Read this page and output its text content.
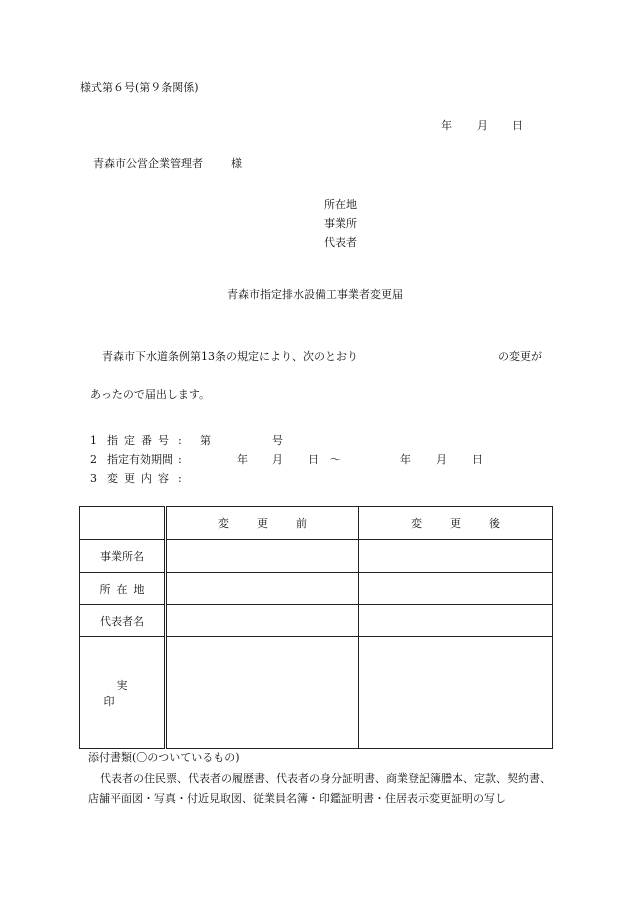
様式第６号(第９条関係)
年 月 日
青森市公営企業管理者	様
所在地
事業所
代表者
青森市指定排水設備工事業者変更届
青森市下水道条例第13条の規定により、次のとおり	の変更が
あったので届出します。
1 指定番号 : 第	号
2 指定有効期間 :	年 月 日 ～	年 月 日
3 変更内容 :
	変更前	変更後
事業所名		
所在地		
代表者名		
実印		
添付書類(〇のついているもの)
代表者の住民票、代表者の履歴書、代表者の身分証明書、商業登記簿謄本、定款、契約書、店舗平面図・写真・付近見取図、従業員名簿・印鑑証明書・住居表示変更証明の写し
